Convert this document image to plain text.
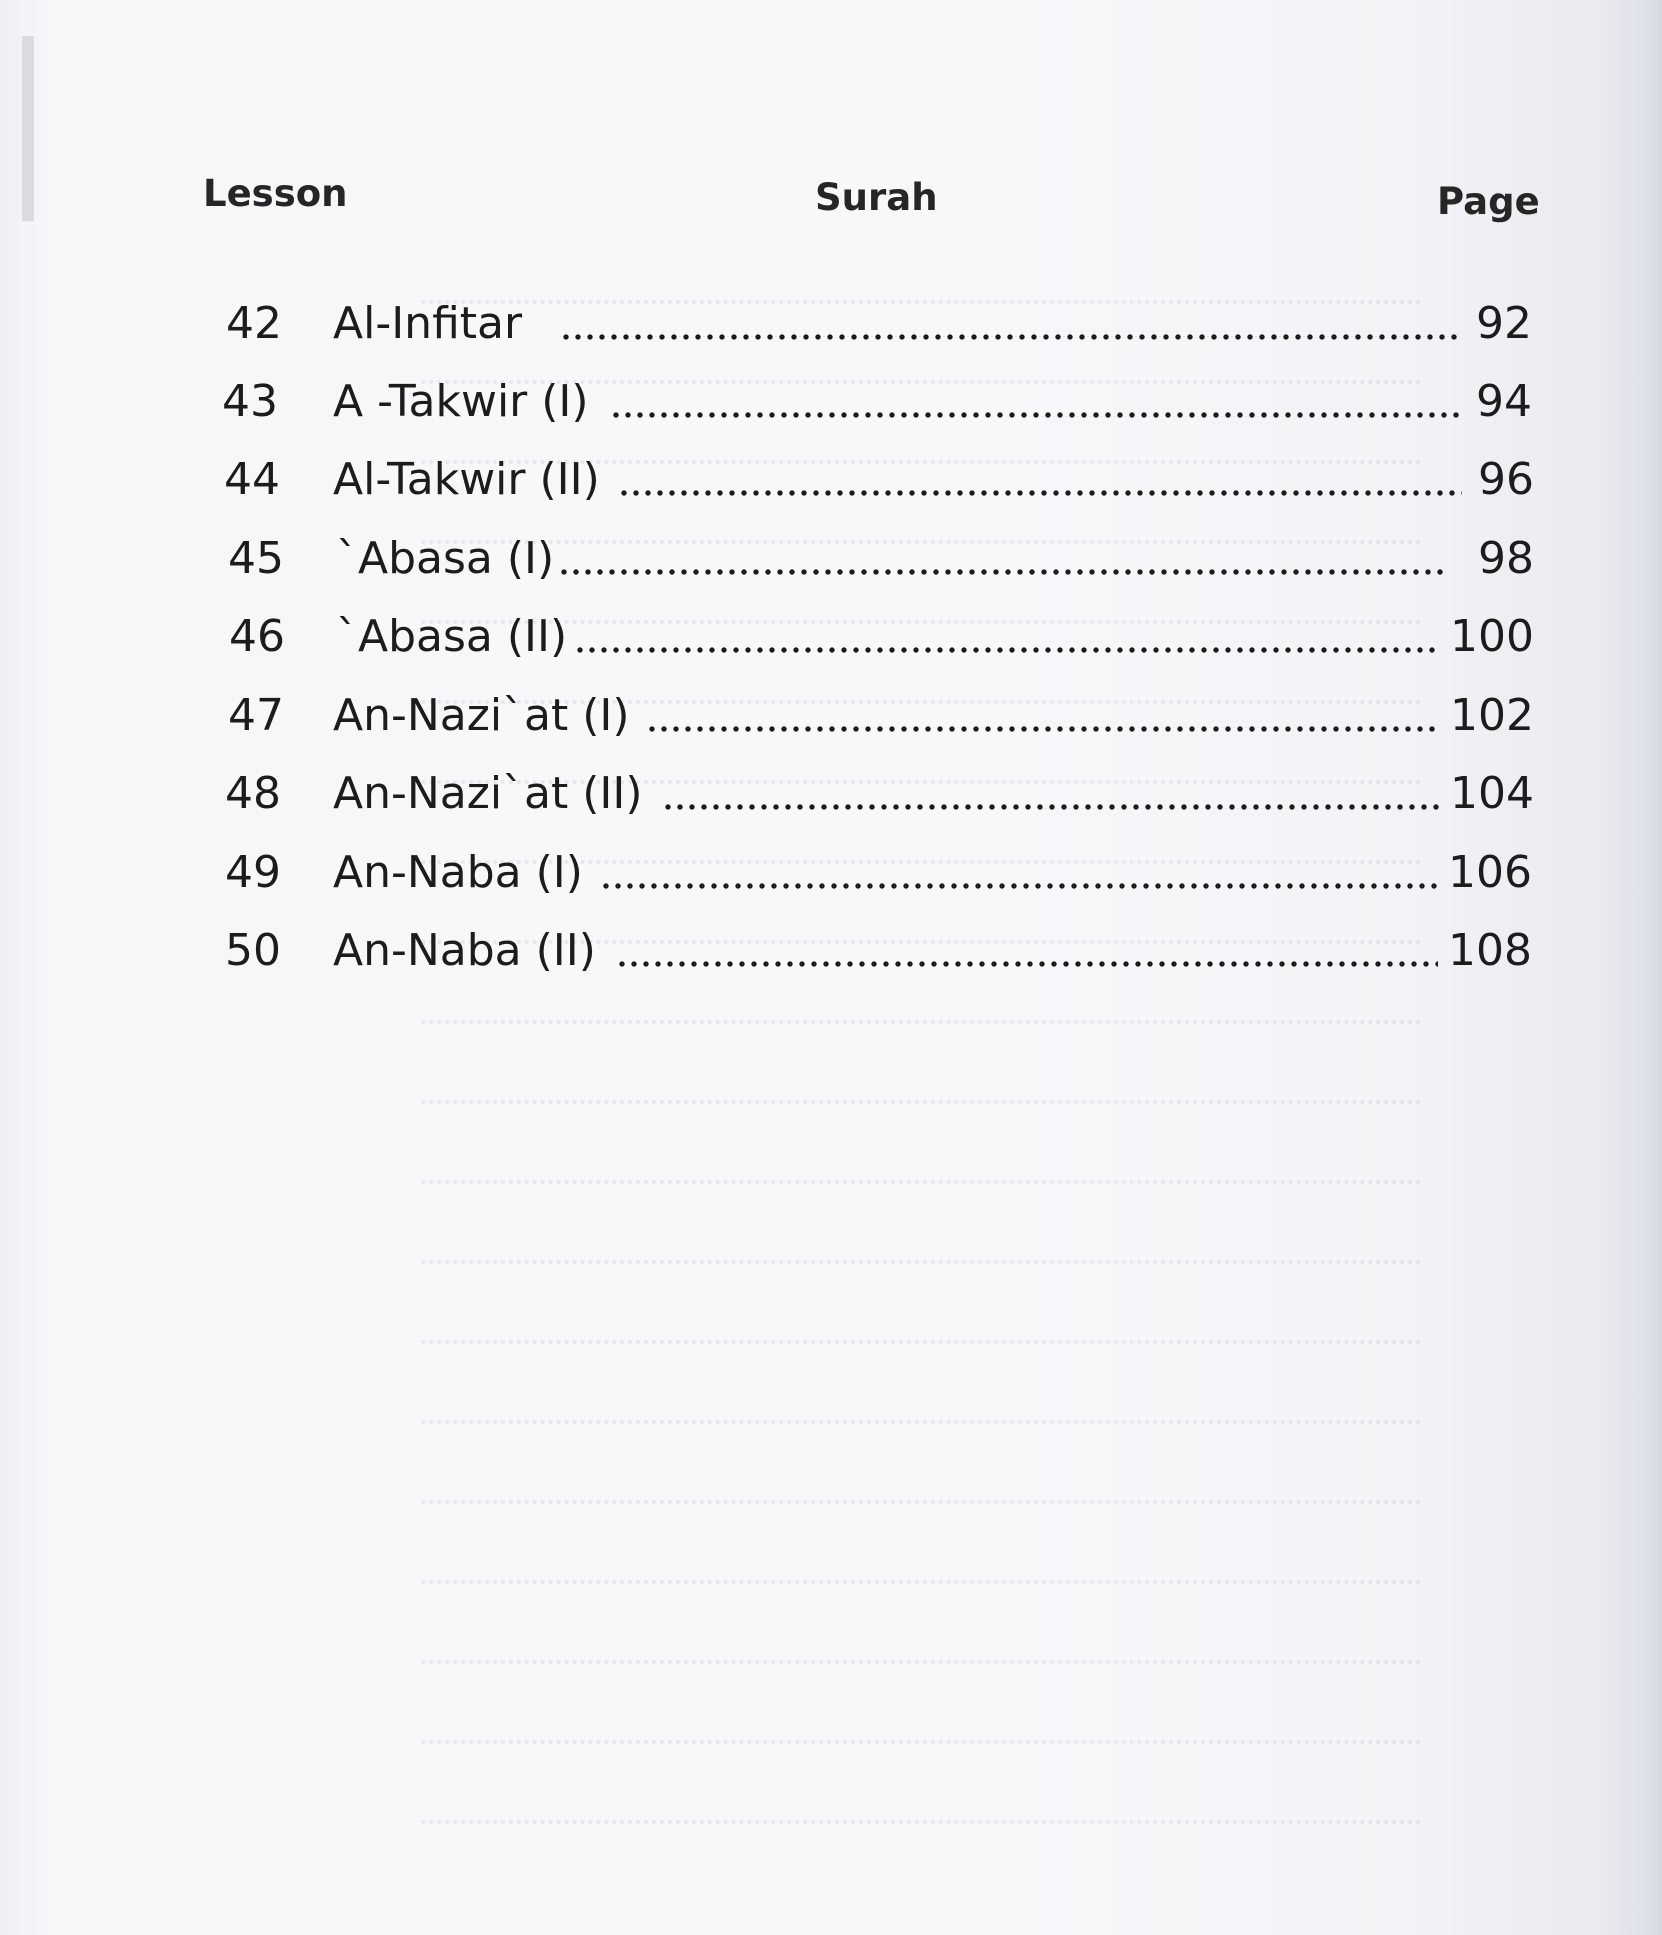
Lesson	Surah	Page
42 Al-Infitar	92
43 A -Takwir (I)	94
44 Al-Takwir (II)	96
45 `Abasa (I)	98
46 `Abasa (II)	100
47 An-Nazi`at (I)	102
48 An-Nazi`at (II)	104
49 An-Naba (I)	106
50 An-Naba (II)	108
